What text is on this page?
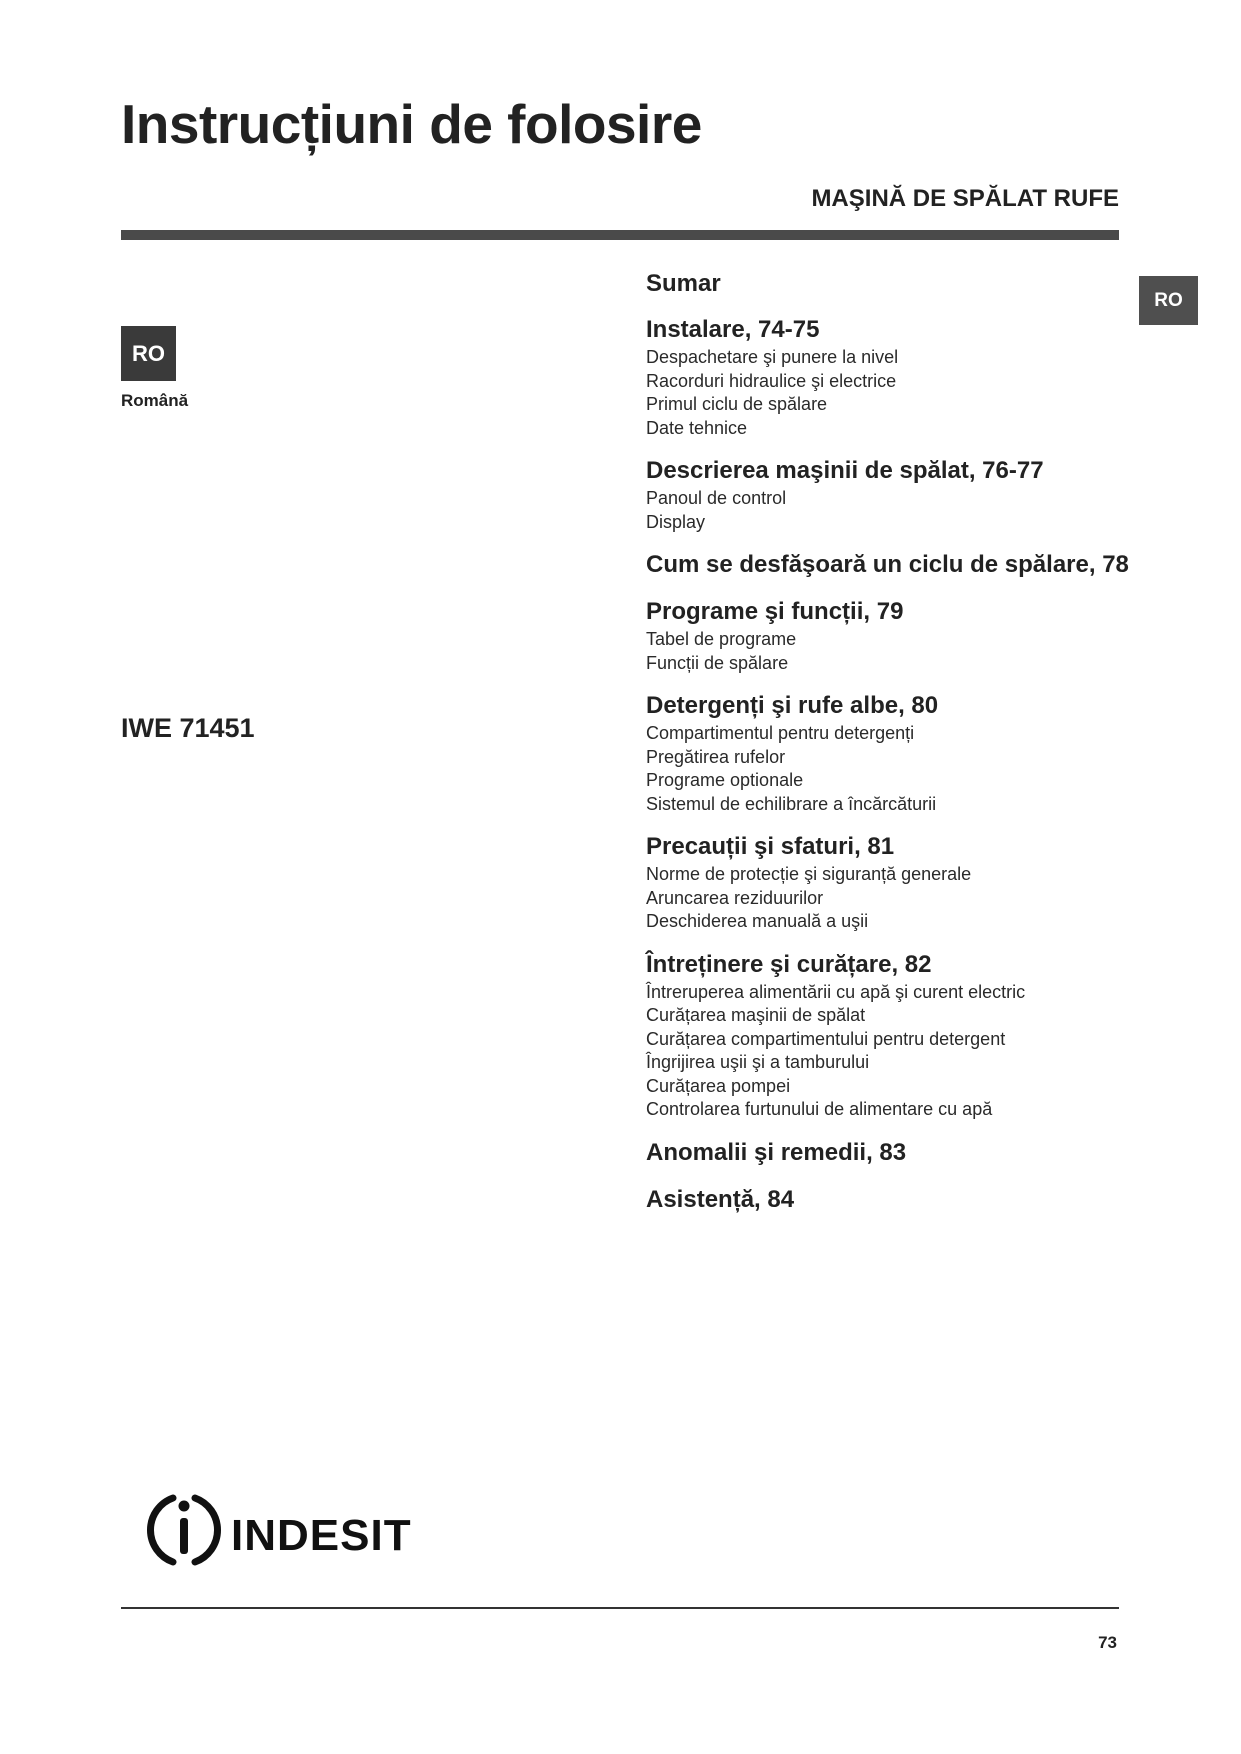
Instrucțiuni de folosire
MAŞINĂ DE SPĂLAT RUFE
RO
RO
Română
IWE 71451
Sumar
Instalare, 74-75
Despachetare şi punere la nivel
Racorduri hidraulice şi electrice
Primul ciclu de spălare
Date tehnice
Descrierea maşinii de spălat, 76-77
Panoul de control
Display
Cum se desfăşoară un ciclu de spălare, 78
Programe şi funcții, 79
Tabel de programe
Funcții de spălare
Detergenți şi rufe albe, 80
Compartimentul pentru detergenți
Pregătirea rufelor
Programe optionale
Sistemul de echilibrare a încărcăturii
Precauții şi sfaturi, 81
Norme de protecție şi siguranță generale
Aruncarea reziduurilor
Deschiderea manuală a uşii
Întreținere şi curățare, 82
Întreruperea alimentării cu apă şi curent electric
Curățarea maşinii de spălat
Curățarea compartimentului pentru detergent
Îngrijirea uşii şi a tamburului
Curățarea pompei
Controlarea furtunului de alimentare cu apă
Anomalii şi remedii, 83
Asistență, 84
INDESIT
73
